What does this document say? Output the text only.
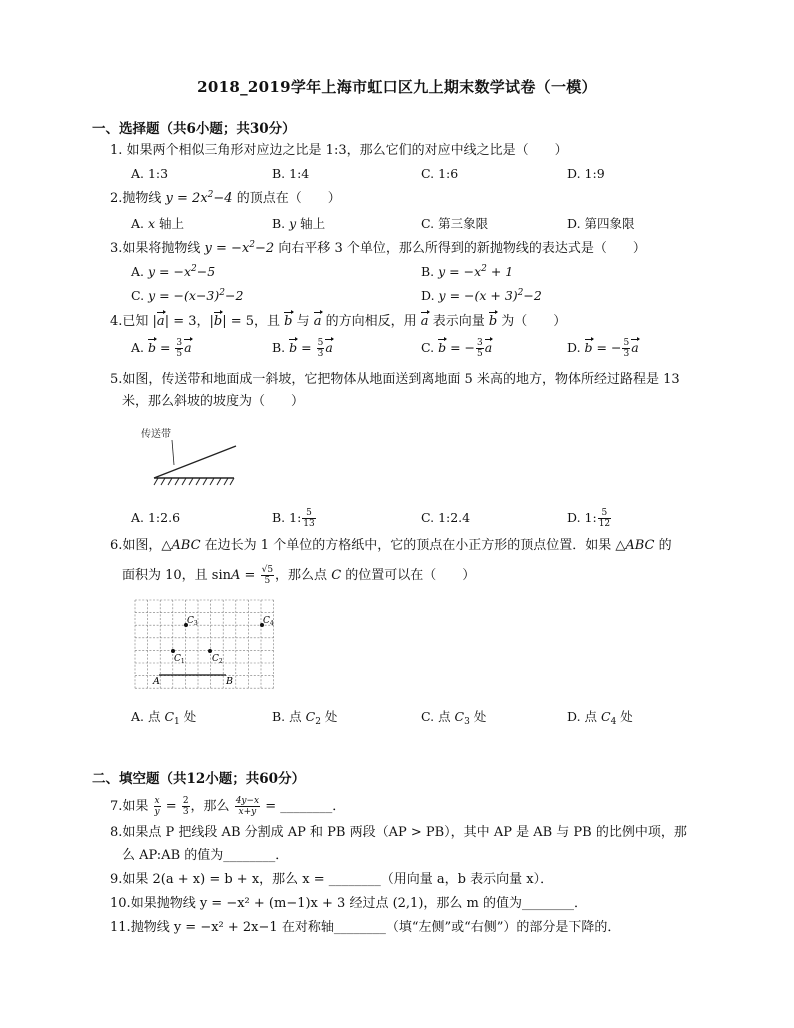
2018_2019学年上海市虹口区九上期末数学试卷（一模）
一、选择题（共6小题；共30分）
1. 如果两个相似三角形对应边之比是 1:3，那么它们的对应中线之比是（　　）
A. 1:3	B. 1:4	C. 1:6	D. 1:9
2.抛物线 $y = 2x^2-4$ 的顶点在（　　）
A. x 轴上	B. y 轴上	C. 第三象限	D. 第四象限
3.如果将抛物线 $y = -x^2-2$ 向右平移 3 个单位，那么所得到的新抛物线的表达式是（　　）
A. $y = -x^2-5$	B. $y = -x^2 + 1$
C. $y = -(x-3)^2-2$	D. $y = -(x + 3)^2-2$
4.已知 |a| = 3，|b| = 5，且 b 与 a 的方向相反，用 a 表示向量 b 为（　　）
A. $b = \frac{3}{5}$ a	B. $b = \frac{5}{3}$ a	C. b = − $\frac{3}{5}$ a	D. b = − $\frac{5}{3}$ a
5.如图，传送带和地面成一斜坡，它把物体从地面送到离地面 5 米高的地方，物体所经过路程是 13
米，那么斜坡的坡度为（　　）
传送带
A. 1:2.6	B. 1: $\frac{5}{13}$	C. 1:2.4	D. 1: $\frac{5}{12}$
6.如图，△ABC 在边长为 1 个单位的方格纸中，它的顶点在小正方形的顶点位置．如果 △ABC 的
面积为 10，且 $\sin A = \frac{√5}{5}$ ，那么点 C 的位置可以在（　　）
A	B
$C_1$	$C_2$
$C_3$	$C_4$
A. 点 $C_1$ 处	B. 点 $C_2$ 处	C. 点 $C_3$ 处	D. 点 $C_4$ 处
二、填空题（共12小题；共60分）
7.如果 $\frac{x}{y} = \frac{2}{3}$ ，那么 $\frac{4y-x}{x+y}$ = ________．
8.如果点 P 把线段 AB 分割成 AP 和 PB 两段（AP > PB），其中 AP 是 AB 与 PB 的比例中项，那
么 AP:AB 的值为________．
9.如果 2(a + x) = b + x，那么 x = ________（用向量 a，b 表示向量 x）．
10.如果抛物线 y = −x² + (m−1)x + 3 经过点 (2,1)，那么 m 的值为________．
11.抛物线 y = −x² + 2x−1 在对称轴________（填“左侧”或“右侧”）的部分是下降的．
